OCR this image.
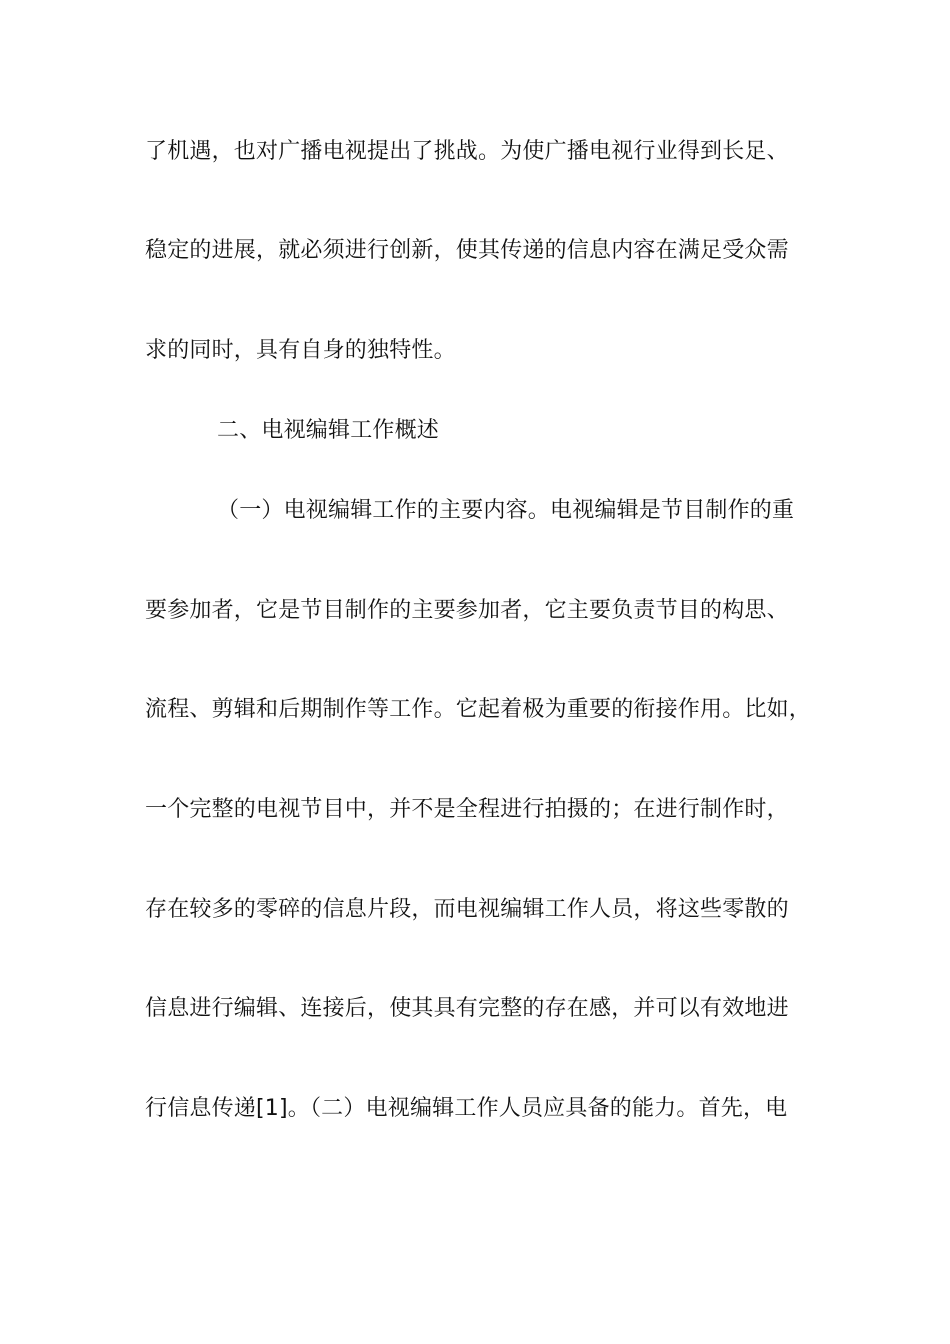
了机遇，也对广播电视提出了挑战。为使广播电视行业得到长足、
稳定的进展，就必须进行创新，使其传递的信息内容在满足受众需
求的同时，具有自身的独特性。
二、电视编辑工作概述
（一）电视编辑工作的主要内容。电视编辑是节目制作的重
要参加者，它是节目制作的主要参加者，它主要负责节目的构思、
流程、剪辑和后期制作等工作。它起着极为重要的衔接作用。比如，
一个完整的电视节目中，并不是全程进行拍摄的；在进行制作时，
存在较多的零碎的信息片段，而电视编辑工作人员，将这些零散的
信息进行编辑、连接后，使其具有完整的存在感，并可以有效地进
行信息传递[1]。（二）电视编辑工作人员应具备的能力。首先，电
